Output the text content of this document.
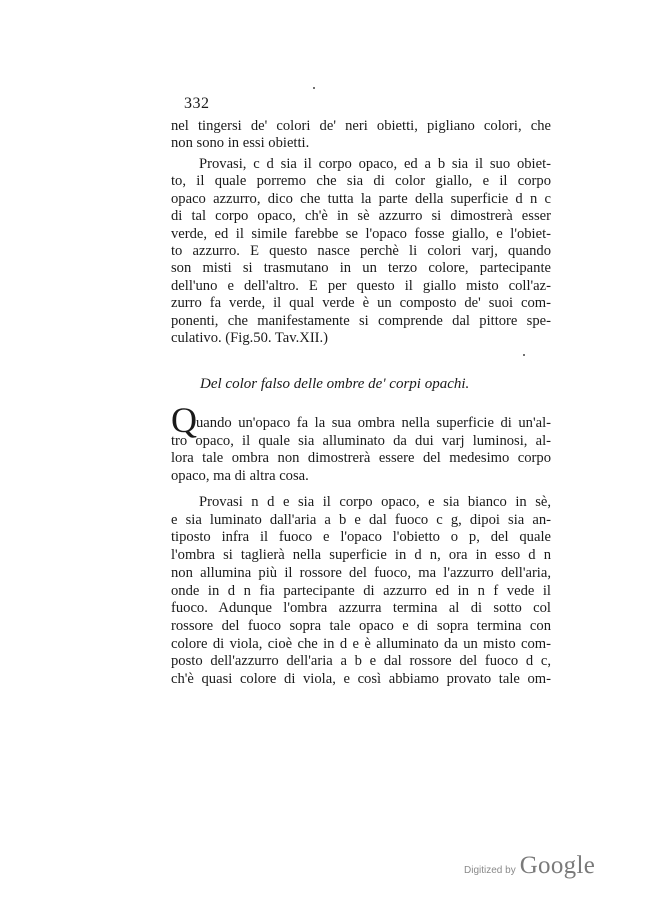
332
nel tingersi de' colori de' neri obietti, pigliano colori, che
non sono in essi obietti.
Provasi, c d sia il corpo opaco, ed a b sia il suo obiet-
to, il quale porremo che sia di color giallo, e il corpo
opaco azzurro, dico che tutta la parte della superficie d n c
di tal corpo opaco, ch'è in sè azzurro si dimostrerà esser
verde, ed il simile farebbe se l'opaco fosse giallo, e l'obiet-
to azzurro. E questo nasce perchè li colori varj, quando
son misti si trasmutano in un terzo colore, partecipante
dell'uno e dell'altro. E per questo il giallo misto coll'az-
zurro fa verde, il qual verde è un composto de' suoi com-
ponenti, che manifestamente si comprende dal pittore spe-
culativo. (Fig.50. Tav.XII.)
Del color falso delle ombre de' corpi opachi.
Q uando un'opaco fa la sua ombra nella superficie di un'al-
tro opaco, il quale sia alluminato da dui varj luminosi, al-
lora tale ombra non dimostrerà essere del medesimo corpo
opaco, ma di altra cosa.
Provasi n d e sia il corpo opaco, e sia bianco in sè,
e sia luminato dall'aria a b e dal fuoco c g, dipoi sia an-
tiposto infra il fuoco e l'opaco l'obietto o p, del quale
l'ombra si taglierà nella superficie in d n, ora in esso d n
non allumina più il rossore del fuoco, ma l'azzurro dell'aria,
onde in d n fia partecipante di azzurro ed in n f vede il
fuoco. Adunque l'ombra azzurra termina al di sotto col
rossore del fuoco sopra tale opaco e di sopra termina con
colore di viola, cioè che in d e è alluminato da un misto com-
posto dell'azzurro dell'aria a b e dal rossore del fuoco d c,
ch'è quasi colore di viola, e così abbiamo provato tale om-
Digitized by Google
